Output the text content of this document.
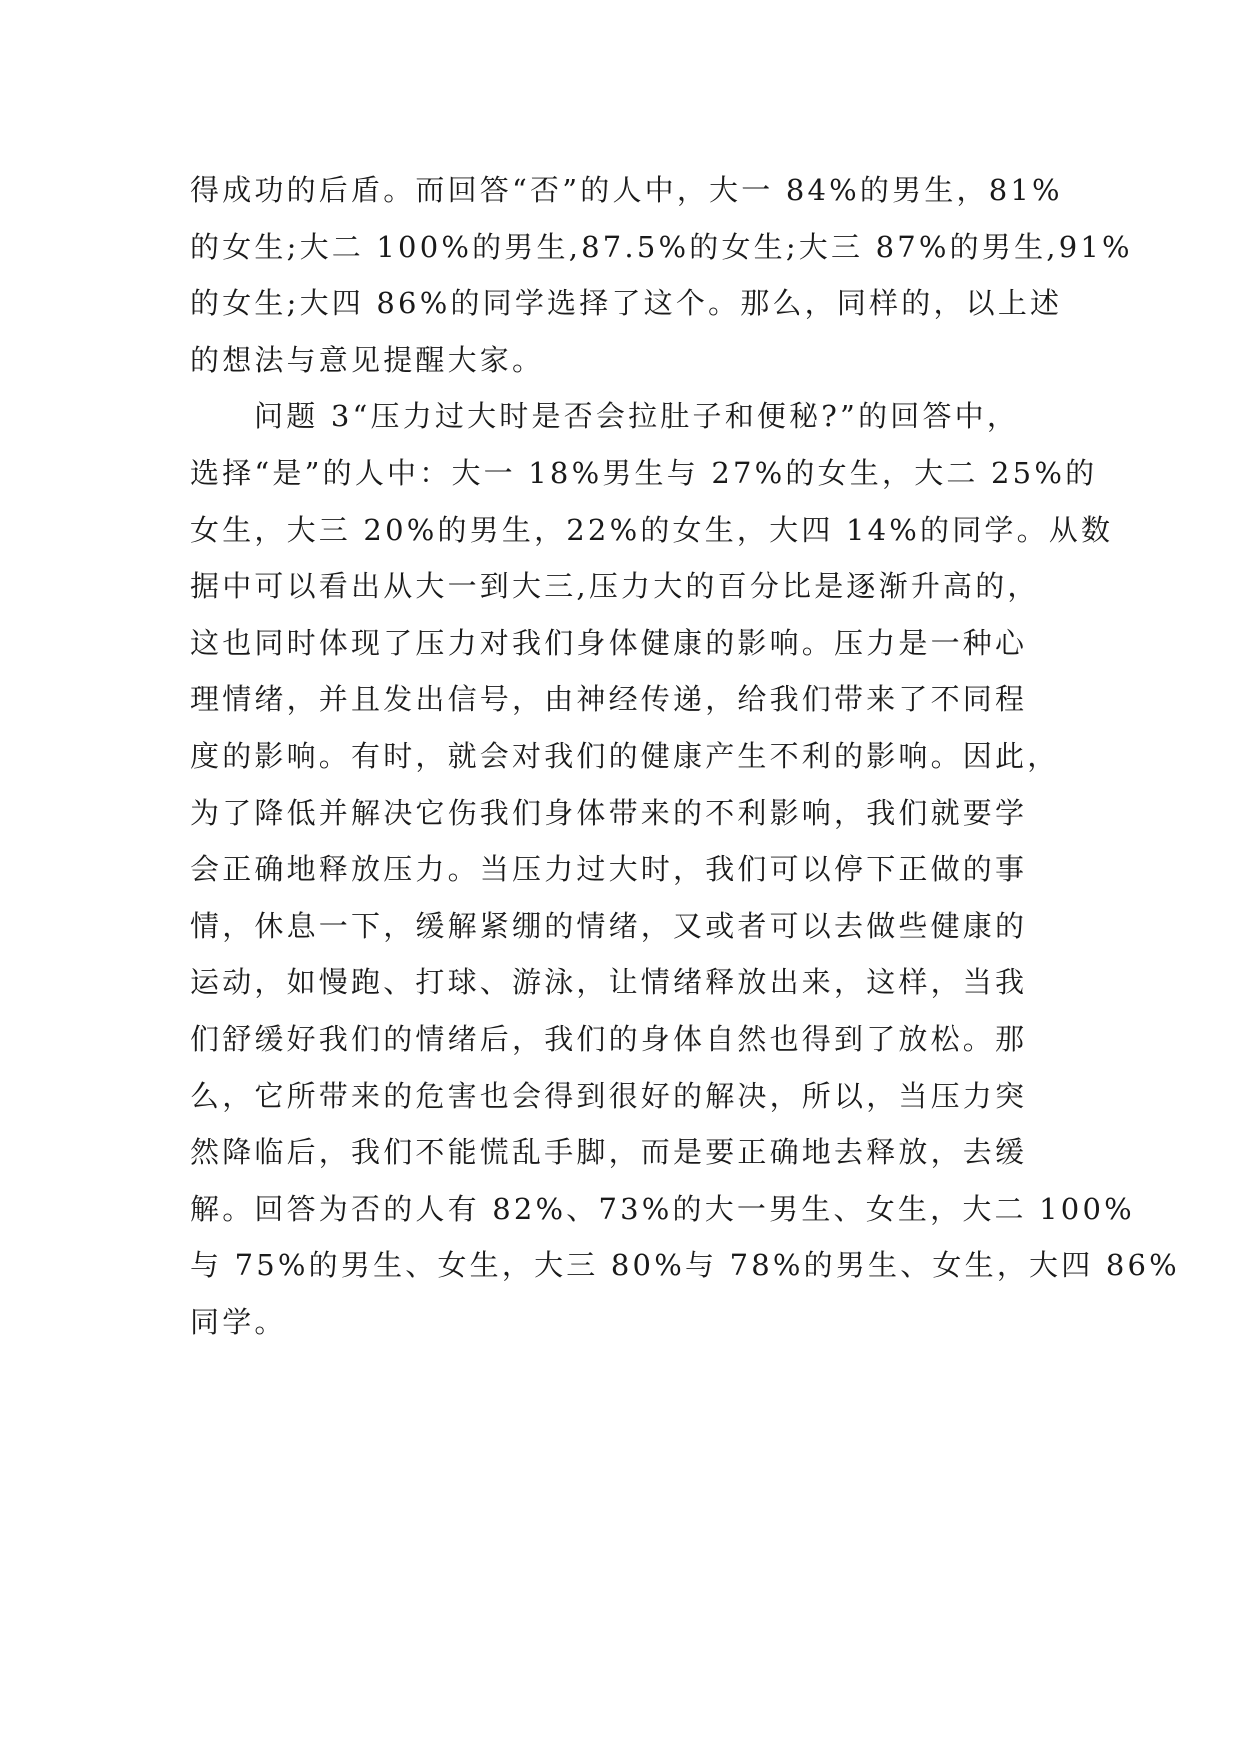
得成功的后盾。而回答“否”的人中，大一 84%的男生，81%
的女生;大二 100%的男生,87.5%的女生;大三 87%的男生,91%
的女生;大四 86%的同学选择了这个。那么，同样的，以上述
的想法与意见提醒大家。
问题 3“压力过大时是否会拉肚子和便秘?”的回答中，
选择“是”的人中：大一 18%男生与 27%的女生，大二 25%的
女生，大三 20%的男生，22%的女生，大四 14%的同学。从数
据中可以看出从大一到大三,压力大的百分比是逐渐升高的，
这也同时体现了压力对我们身体健康的影响。压力是一种心
理情绪，并且发出信号，由神经传递，给我们带来了不同程
度的影响。有时，就会对我们的健康产生不利的影响。因此，
为了降低并解决它伤我们身体带来的不利影响，我们就要学
会正确地释放压力。当压力过大时，我们可以停下正做的事
情，休息一下，缓解紧绷的情绪，又或者可以去做些健康的
运动，如慢跑、打球、游泳，让情绪释放出来，这样，当我
们舒缓好我们的情绪后，我们的身体自然也得到了放松。那
么，它所带来的危害也会得到很好的解决，所以，当压力突
然降临后，我们不能慌乱手脚，而是要正确地去释放，去缓
解。回答为否的人有 82%、73%的大一男生、女生，大二 100%
与 75%的男生、女生，大三 80%与 78%的男生、女生，大四 86%
同学。
